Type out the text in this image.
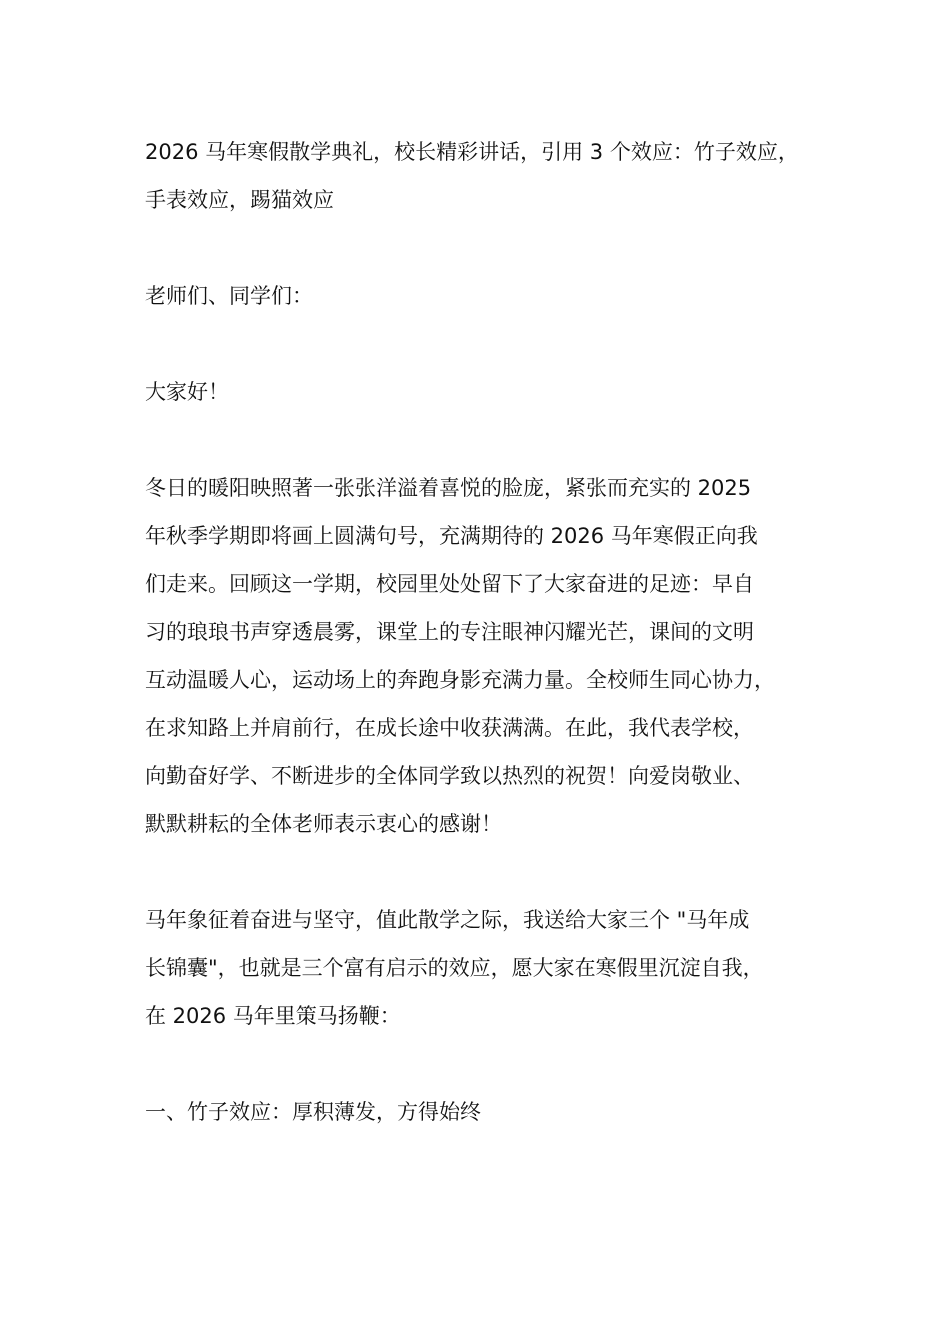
2026 马年寒假散学典礼，校长精彩讲话，引用 3 个效应：竹子效应，
手表效应，踢猫效应
老师们、同学们：
大家好！
冬日的暖阳映照著一张张洋溢着喜悦的脸庞，紧张而充实的 2025
年秋季学期即将画上圆满句号，充满期待的 2026 马年寒假正向我
们走来。回顾这一学期，校园里处处留下了大家奋进的足迹：早自
习的琅琅书声穿透晨雾，课堂上的专注眼神闪耀光芒，课间的文明
互动温暖人心，运动场上的奔跑身影充满力量。全校师生同心协力，
在求知路上并肩前行，在成长途中收获满满。在此，我代表学校，
向勤奋好学、不断进步的全体同学致以热烈的祝贺！向爱岗敬业、
默默耕耘的全体老师表示衷心的感谢！
马年象征着奋进与坚守，值此散学之际，我送给大家三个 "马年成
长锦囊"，也就是三个富有启示的效应，愿大家在寒假里沉淀自我，
在 2026 马年里策马扬鞭：
一、竹子效应：厚积薄发，方得始终
